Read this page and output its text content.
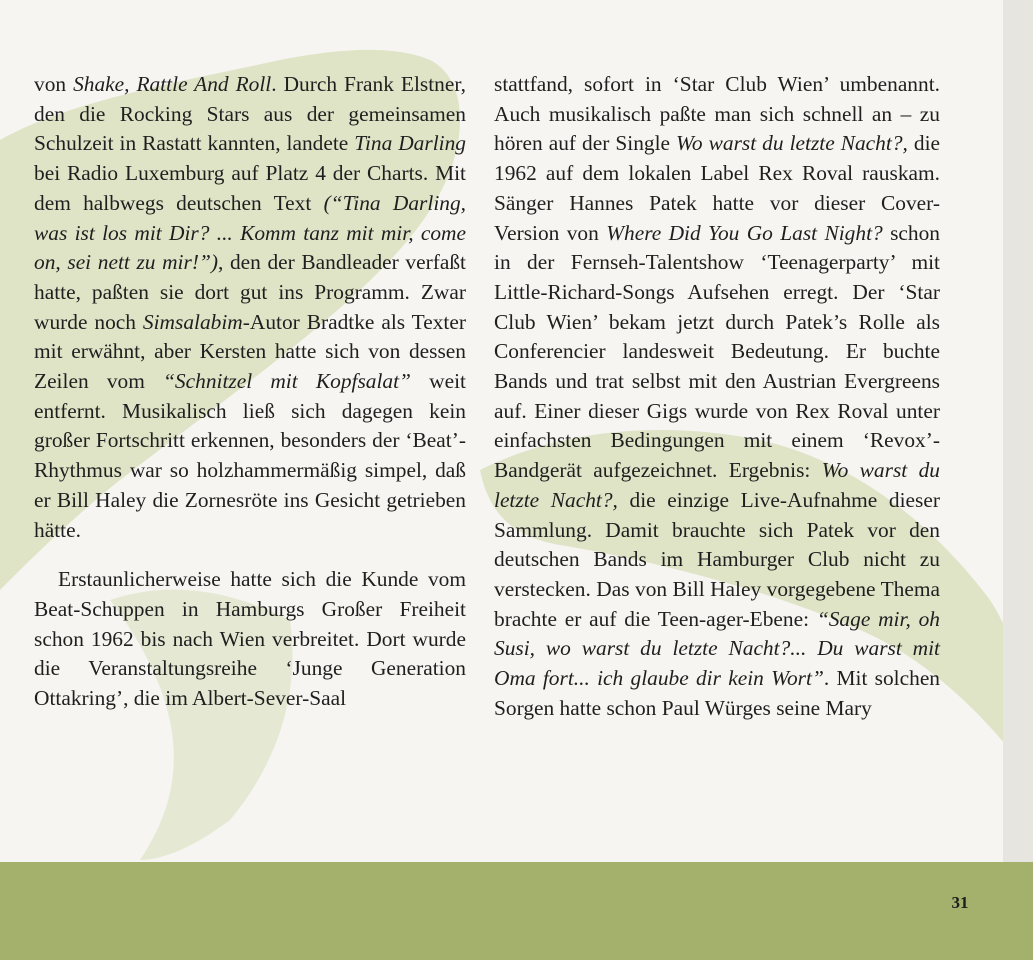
von Shake, Rattle And Roll. Durch Frank Elstner, den die Rocking Stars aus der gemeinsamen Schulzeit in Rastatt kannten, landete Tina Darling bei Radio Luxemburg auf Platz 4 der Charts. Mit dem halbwegs deutschen Text (“Tina Darling, was ist los mit Dir? ... Komm tanz mit mir, come on, sei nett zu mir!”), den der Bandleader verfaßt hatte, paßten sie dort gut ins Programm. Zwar wurde noch Simsalabim-Autor Bradtke als Texter mit erwähnt, aber Kersten hatte sich von dessen Zeilen vom “Schnitzel mit Kopfsalat” weit entfernt. Musikalisch ließ sich dagegen kein großer Fortschritt erkennen, besonders der ‘Beat’-Rhythmus war so holzhammermäßig simpel, daß er Bill Haley die Zornesröte ins Gesicht getrieben hätte.

Erstaunlicherweise hatte sich die Kunde vom Beat-Schuppen in Hamburgs Großer Freiheit schon 1962 bis nach Wien verbreitet. Dort wurde die Veranstaltungsreihe ‘Junge Generation Ottakring’, die im Albert-Sever-Saal

stattfand, sofort in ‘Star Club Wien’ umbenannt. Auch musikalisch paßte man sich schnell an – zu hören auf der Single Wo warst du letzte Nacht?, die 1962 auf dem lokalen Label Rex Roval rauskam. Sänger Hannes Patek hatte vor dieser Cover-Version von Where Did You Go Last Night? schon in der Fernseh-Talentshow ‘Teenagerparty’ mit Little-Richard-Songs Aufsehen erregt. Der ‘Star Club Wien’ bekam jetzt durch Patek’s Rolle als Conferencier landesweit Bedeutung. Er buchte Bands und trat selbst mit den Austrian Evergreens auf. Einer dieser Gigs wurde von Rex Roval unter einfachsten Bedingungen mit einem ‘Revox’-Bandgerät aufgezeichnet. Ergebnis: Wo warst du letzte Nacht?, die einzige Live-Aufnahme dieser Sammlung. Damit brauchte sich Patek vor den deutschen Bands im Hamburger Club nicht zu verstecken. Das von Bill Haley vorgegebene Thema brachte er auf die Teen-ager-Ebene: “Sage mir, oh Susi, wo warst du letzte Nacht?... Du warst mit Oma fort... ich glaube dir kein Wort”. Mit solchen Sorgen hatte schon Paul Würges seine Mary

31
